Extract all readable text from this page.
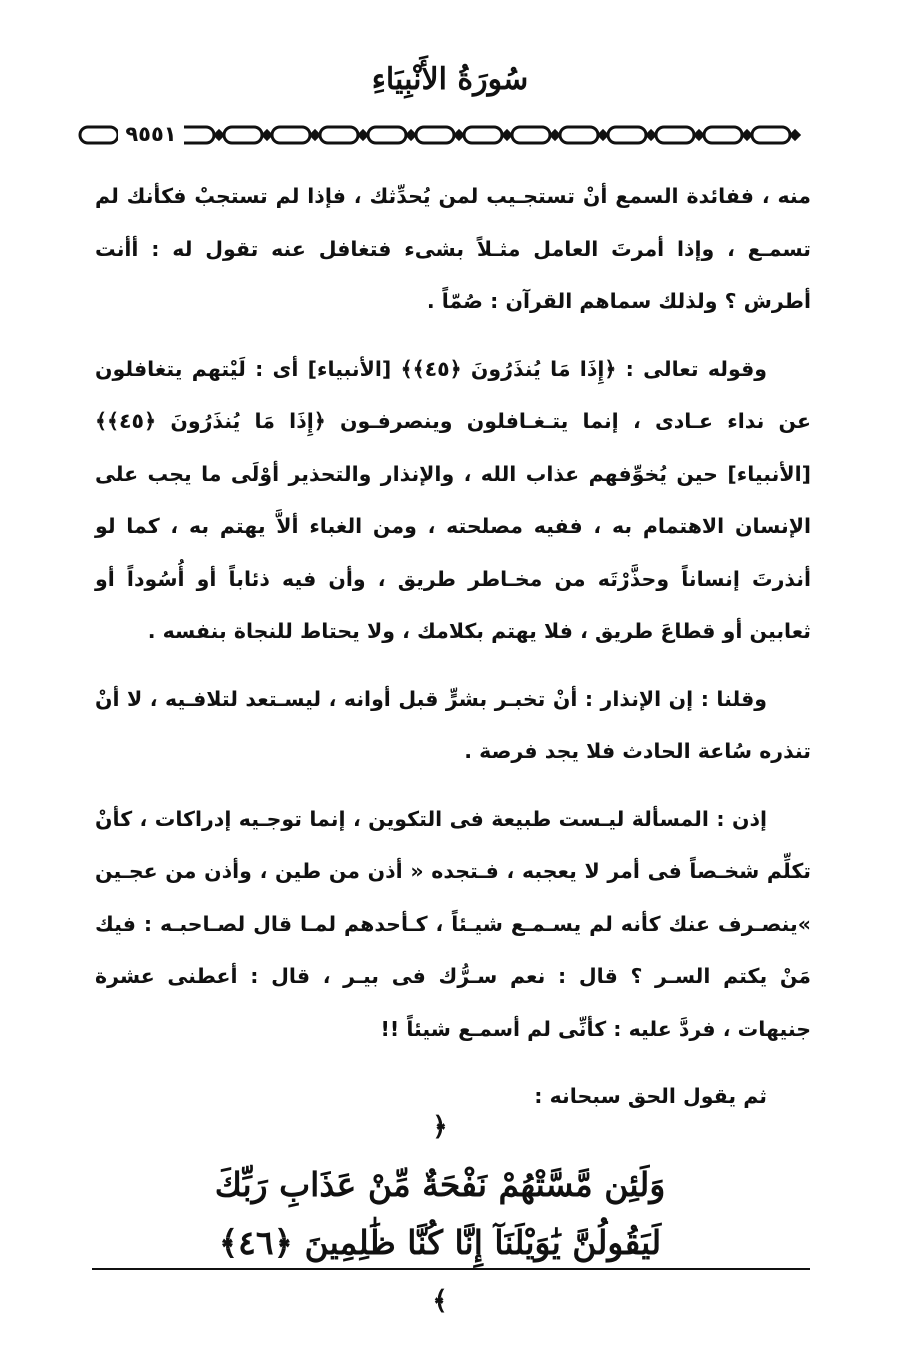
سُورَةُ الأَنْبِيَاءِ
٩٥٥١

منه ، ففائدة السمع أنْ تستجـيب لمن يُحدِّثك ، فإذا لم تستجبْ فكأنك لم تسمـع ، وإذا أمرتَ العامل مثـلاً بشىء فتغافل عنه تقول له : أأنت أطرش ؟ ولذلك سماهم القرآن : صُمّاً .

وقوله تعالى : ﴿إِذَا مَا يُنذَرُونَ ﴿٤٥﴾﴾ [الأنبياء] أى : لَيْتهم يتغافلون عن نداء عـادى ، إنما يتـغـافلون وينصرفـون ﴿إِذَا مَا يُنذَرُونَ ﴿٤٥﴾﴾ [الأنبياء] حين يُخوِّفهم عذاب الله ، والإنذار والتحذير أوْلَى ما يجب على الإنسان الاهتمام به ، ففيه مصلحته ، ومن الغباء ألاَّ يهتم به ، كما لو أنذرتَ إنساناً وحذَّرْتَه من مخـاطر طريق ، وأن فيه ذئاباً أو أُسُوداً أو ثعابين أو قطاعَ طريق ، فلا يهتم بكلامك ، ولا يحتاط للنجاة بنفسه .

وقلنا : إن الإنذار : أنْ تخبـر بشرٍّ قبل أوانه ، ليسـتعد لتلافـيه ، لا أنْ تنذره سُاعة الحادث فلا يجد فرصة .

إذن : المسألة ليـست طبيعة فى التكوين ، إنما توجـيه إدراكات ، كأنْ تكلِّم شخـصاً فى أمر لا يعجبه ، فـتجده « أذن من طين ، وأذن من عجـين »ينصـرف عنك كأنه لم يسـمـع شيـئاً ، كـأحدهم لمـا قال لصـاحبـه : فيك مَنْ يكتم السـر ؟ قال : نعم سـرُّك فى بيـر ، قال : أعطنى عشرة جنيهات ، فردَّ عليه : كأنِّى لم أسمـع شيئاً !!

ثم يقول الحق سبحانه :

﴿
وَلَئِن مَّسَّتْهُمْ نَفْحَةٌ مِّنْ عَذَابِ رَبِّكَ
لَيَقُولُنَّ يَٰوَيْلَنَآ إِنَّا كُنَّا ظَٰلِمِينَ ﴿٤٦﴾
﴾
